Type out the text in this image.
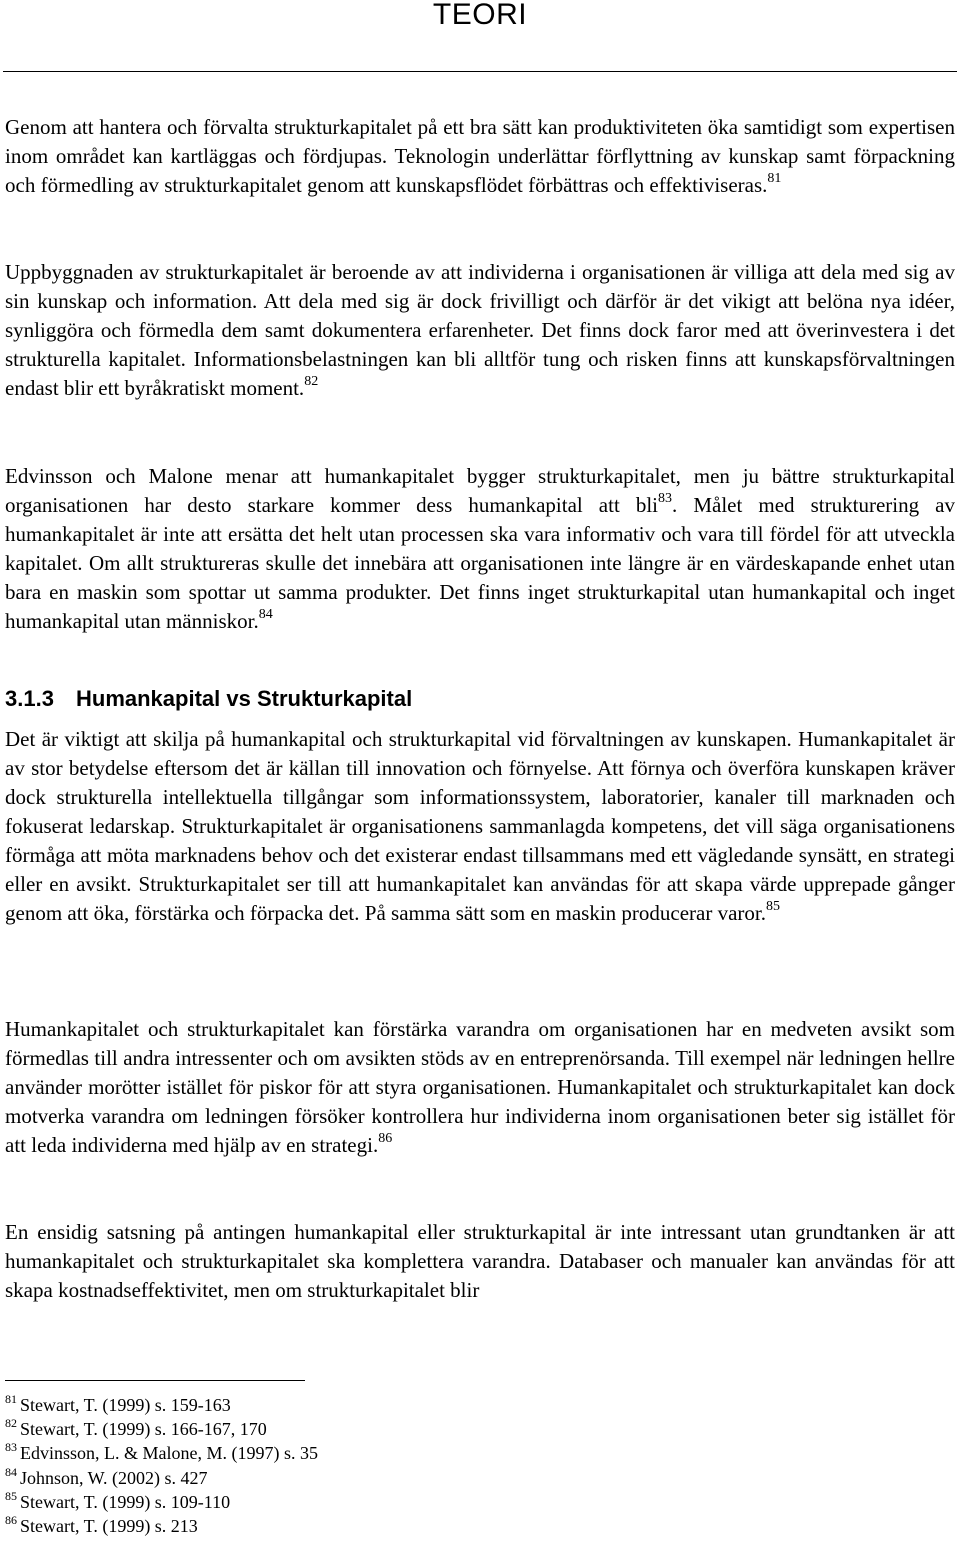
TEORI

Genom att hantera och förvalta strukturkapitalet på ett bra sätt kan produktiviteten öka samtidigt som expertisen inom området kan kartläggas och fördjupas. Teknologin underlättar förflyttning av kunskap samt förpackning och förmedling av strukturkapitalet genom att kunskapsflödet förbättras och effektiviseras.$^{81}$

Uppbyggnaden av strukturkapitalet är beroende av att individerna i organisationen är villiga att dela med sig av sin kunskap och information. Att dela med sig är dock frivilligt och därför är det vikigt att belöna nya idéer, synliggöra och förmedla dem samt dokumentera erfarenheter. Det finns dock faror med att överinvestera i det strukturella kapitalet. Informationsbelastningen kan bli alltför tung och risken finns att kunskapsförvaltningen endast blir ett byråkratiskt moment.$^{82}$

Edvinsson och Malone menar att humankapitalet bygger strukturkapitalet, men ju bättre strukturkapital organisationen har desto starkare kommer dess humankapital att bli$^{83}$. Målet med strukturering av humankapitalet är inte att ersätta det helt utan processen ska vara informativ och vara till fördel för att utveckla kapitalet. Om allt struktureras skulle det innebära att organisationen inte längre är en värdeskapande enhet utan bara en maskin som spottar ut samma produkter. Det finns inget strukturkapital utan humankapital och inget humankapital utan människor.$^{84}$

3.1.3 Humankapital vs Strukturkapital

Det är viktigt att skilja på humankapital och strukturkapital vid förvaltningen av kunskapen. Humankapitalet är av stor betydelse eftersom det är källan till innovation och förnyelse. Att förnya och överföra kunskapen kräver dock strukturella intellektuella tillgångar som informationssystem, laboratorier, kanaler till marknaden och fokuserat ledarskap. Strukturkapitalet är organisationens sammanlagda kompetens, det vill säga organisationens förmåga att möta marknadens behov och det existerar endast tillsammans med ett vägledande synsätt, en strategi eller en avsikt. Strukturkapitalet ser till att humankapitalet kan användas för att skapa värde upprepade gånger genom att öka, förstärka och förpacka det. På samma sätt som en maskin producerar varor.$^{85}$

Humankapitalet och strukturkapitalet kan förstärka varandra om organisationen har en medveten avsikt som förmedlas till andra intressenter och om avsikten stöds av en entreprenörsanda. Till exempel när ledningen hellre använder morötter istället för piskor för att styra organisationen. Humankapitalet och strukturkapitalet kan dock motverka varandra om ledningen försöker kontrollera hur individerna inom organisationen beter sig istället för att leda individerna med hjälp av en strategi.$^{86}$

En ensidig satsning på antingen humankapital eller strukturkapital är inte intressant utan grundtanken är att humankapitalet och strukturkapitalet ska komplettera varandra. Databaser och manualer kan användas för att skapa kostnadseffektivitet, men om strukturkapitalet blir

$^{81}$ Stewart, T. (1999) s. 159-163
$^{82}$ Stewart, T. (1999) s. 166-167, 170
$^{83}$ Edvinsson, L. & Malone, M. (1997) s. 35
$^{84}$ Johnson, W. (2002) s. 427
$^{85}$ Stewart, T. (1999) s. 109-110
$^{86}$ Stewart, T. (1999) s. 213
